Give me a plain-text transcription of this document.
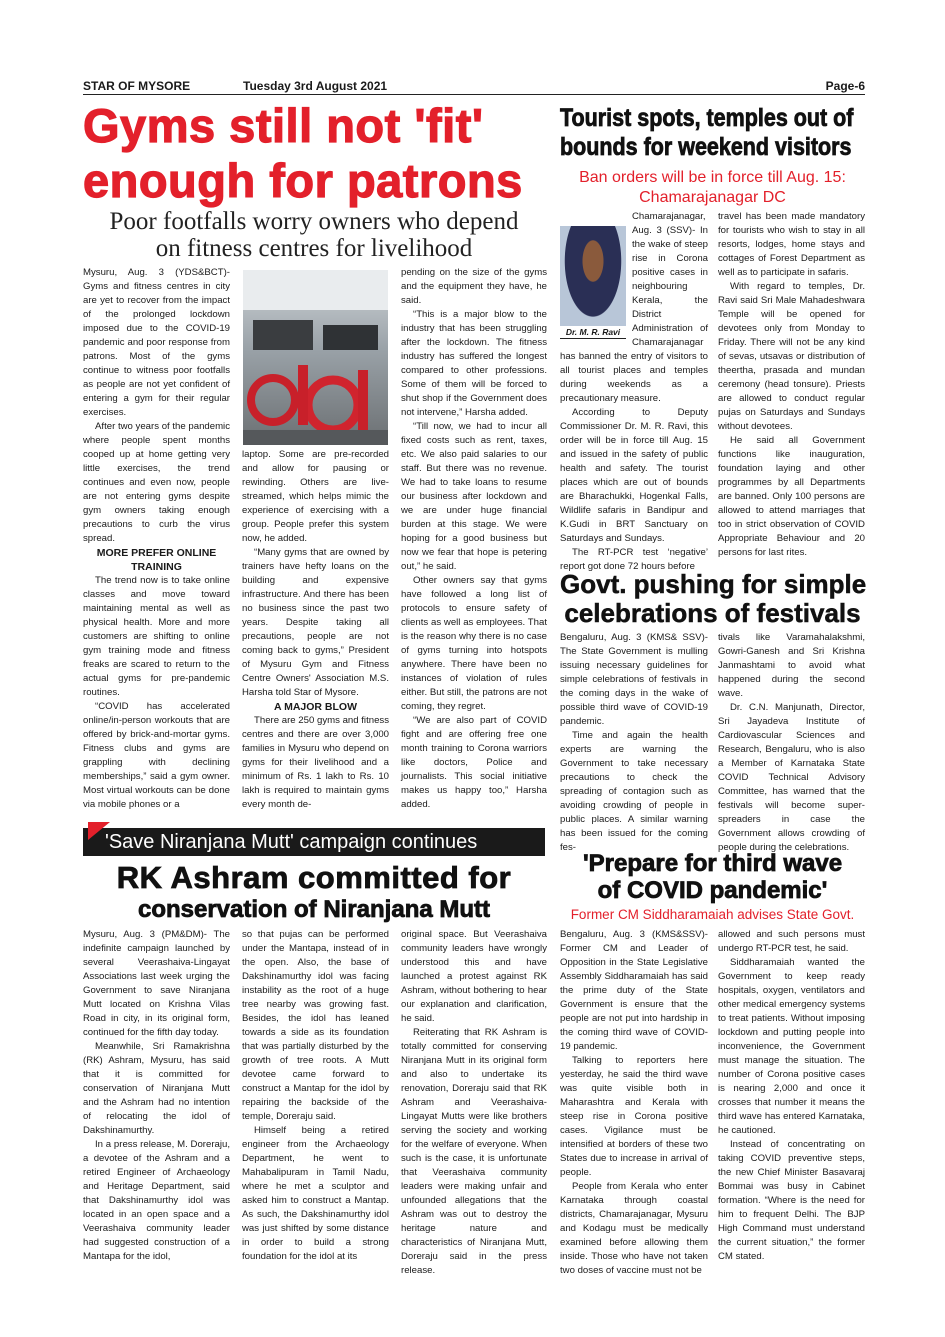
STAR OF MYSORE	Tuesday 3rd August 2021	Page-6
Gyms still not 'fit'
enough for patrons
Poor footfalls worry owners who depend
on fitness centres for livelihood

Mysuru, Aug. 3 (YDS&BCT)- Gyms and fitness centres in city are yet to recover from the impact of the prolonged lockdown imposed due to the COVID-19 pandemic and poor response from patrons. Most of the gyms continue to witness poor footfalls as people are not yet confident of entering a gym for their regular exercises.

After two years of the pandemic where people spent months cooped up at home getting very little exercises, the trend continues and even now, people are not entering gyms despite gym owners taking enough precautions to curb the virus spread.

MORE PREFER ONLINE TRAINING

The trend now is to take online classes and move toward maintaining mental as well as physical health. More and more customers are shifting to online gym training mode and fitness freaks are scared to return to the actual gyms for pre-pandemic routines.

“COVID has accelerated online/in-person workouts that are offered by brick-and-mortar gyms. Fitness clubs and gyms are grappling with declining memberships,” said a gym owner. Most virtual workouts can be done via mobile phones or a

laptop. Some are pre-recorded and allow for pausing or rewinding. Others are live-streamed, which helps mimic the experience of exercising with a group. People prefer this system now, he added.

“Many gyms that are owned by trainers have hefty loans on the building and expensive infrastructure. And there has been no business since the past two years. Despite taking all precautions, people are not coming back to gyms,” President of Mysuru Gym and Fitness Centre Owners' Association M.S. Harsha told Star of Mysore.

A MAJOR BLOW

There are 250 gyms and fitness centres and there are over 3,000 families in Mysuru who depend on gyms for their livelihood and a minimum of Rs. 1 lakh to Rs. 10 lakh is required to maintain gyms every month de-

pending on the size of the gyms and the equipment they have, he said.

“This is a major blow to the industry that has been struggling after the lockdown. The fitness industry has suffered the longest compared to other professions. Some of them will be forced to shut shop if the Government does not intervene,” Harsha added.

“Till now, we had to incur all fixed costs such as rent, taxes, etc. We also paid salaries to our staff. But there was no revenue. We had to take loans to resume our business after lockdown and we are under huge financial burden at this stage. We were hoping for a good business but now we fear that hope is petering out,” he said.

Other owners say that gyms have followed a long list of protocols to ensure safety of clients as well as employees. That is the reason why there is no case of gyms turning into hotspots anywhere. There have been no instances of violation of rules either. But still, the patrons are not coming, they regret.

“We are also part of COVID fight and are offering free one month training to Corona warriors like doctors, Police and journalists. This social initiative makes us happy too,” Harsha added.

Tourist spots, temples out of
bounds for weekend visitors
Ban orders will be in force till Aug. 15:
Chamarajanagar DC
Dr. M. R. Ravi

Chamarajanagar, Aug. 3 (SSV)- In the wake of steep rise in Corona positive cases in neighbouring Kerala, the District Administration of Chamarajanagar has banned the entry of visitors to all tourist places and temples during weekends as a precautionary measure.

According to Deputy Commissioner Dr. M. R. Ravi, this order will be in force till Aug. 15 and issued in the safety of public health and safety. The tourist places which are out of bounds are Bharachukki, Hogenkal Falls, Wildlife safaris in Bandipur and K.Gudi in BRT Sanctuary on Saturdays and Sundays.

The RT-PCR test ‘negative’ report got done 72 hours before

travel has been made mandatory for tourists who wish to stay in all resorts, lodges, home stays and cottages of Forest Department as well as to participate in safaris.

With regard to temples, Dr. Ravi said Sri Male Mahadeshwara Temple will be opened for devotees only from Monday to Friday. There will not be any kind of sevas, utsavas or distribution of theertha, prasada and mundan ceremony (head tonsure). Priests are allowed to conduct regular pujas on Saturdays and Sundays without devotees.

He said all Government functions like inauguration, foundation laying and other programmes by all Departments are banned. Only 100 persons are allowed to attend marriages that too in strict observation of COVID Appropriate Behaviour and 20 persons for last rites.

Govt. pushing for simple
celebrations of festivals

Bengaluru, Aug. 3 (KMS& SSV)- The State Government is mulling issuing necessary guidelines for simple celebrations of festivals in the coming days in the wake of possible third wave of COVID-19 pandemic.

Time and again the health experts are warning the Government to take necessary precautions to check the spreading of contagion such as avoiding crowding of people in public places. A similar warning has been issued for the coming fes-

tivals like Varamahalakshmi, Gowri-Ganesh and Sri Krishna Janmashtami to avoid what happened during the second wave.

Dr. C.N. Manjunath, Director, Sri Jayadeva Institute of Cardiovascular Sciences and Research, Bengaluru, who is also a Member of Karnataka State COVID Technical Advisory Committee, has warned that the festivals will become super-spreaders in case the Government allows crowding of people during the celebrations.

'Save Niranjana Mutt' campaign continues
RK Ashram committed for
conservation of Niranjana Mutt

Mysuru, Aug. 3 (PM&DM)- The indefinite campaign launched by several Veerashaiva-Lingayat Associations last week urging the Government to save Niranjana Mutt located on Krishna Vilas Road in city, in its original form, continued for the fifth day today.

Meanwhile, Sri Ramakrishna (RK) Ashram, Mysuru, has said that it is committed for conservation of Niranjana Mutt and the Ashram had no intention of relocating the idol of Dakshinamurthy.

In a press release, M. Doreraju, a devotee of the Ashram and a retired Engineer of Archaeology and Heritage Department, said that Dakshinamurthy idol was located in an open space and a Veerashaiva community leader had suggested construction of a Mantapa for the idol,

so that pujas can be performed under the Mantapa, instead of in the open. Also, the base of Dakshinamurthy idol was facing instability as the root of a huge tree nearby was growing fast. Besides, the idol has leaned towards a side as its foundation that was partially disturbed by the growth of tree roots. A Mutt devotee came forward to construct a Mantap for the idol by repairing the backside of the temple, Doreraju said.

Himself being a retired engineer from the Archaeology Department, he went to Mahabalipuram in Tamil Nadu, where he met a sculptor and asked him to construct a Mantap. As such, the Dakshinamurthy idol was just shifted by some distance in order to build a strong foundation for the idol at its

original space. But Veerashaiva community leaders have wrongly understood this and have launched a protest against RK Ashram, without bothering to hear our explanation and clarification, he said.

Reiterating that RK Ashram is totally committed for conserving Niranjana Mutt in its original form and also to undertake its renovation, Doreraju said that RK Ashram and Veerashaiva-Lingayat Mutts were like brothers serving the society and working for the welfare of everyone. When such is the case, it is unfortunate that Veerashaiva community leaders were making unfair and unfounded allegations that the Ashram was out to destroy the heritage nature and characteristics of Niranjana Mutt, Doreraju said in the press release.

'Prepare for third wave
of COVID pandemic'
Former CM Siddharamaiah advises State Govt.

Bengaluru, Aug. 3 (KMS&SSV)- Former CM and Leader of Opposition in the State Legislative Assembly Siddharamaiah has said the prime duty of the State Government is ensure that the people are not put into hardship in the coming third wave of COVID-19 pandemic.

Talking to reporters here yesterday, he said the third wave was quite visible both in Maharashtra and Kerala with steep rise in Corona positive cases. Vigilance must be intensified at borders of these two States due to increase in arrival of people.

People from Kerala who enter Karnataka through coastal districts, Chamarajanagar, Mysuru and Kodagu must be medically examined before allowing them inside. Those who have not taken two doses of vaccine must not be

allowed and such persons must undergo RT-PCR test, he said.

Siddharamaiah wanted the Government to keep ready hospitals, oxygen, ventilators and other medical emergency systems to treat patients. Without imposing lockdown and putting people into inconvenience, the Government must manage the situation. The number of Corona positive cases is nearing 2,000 and once it crosses that number it means the third wave has entered Karnataka, he cautioned.

Instead of concentrating on taking COVID preventive steps, the new Chief Minister Basavaraj Bommai was busy in Cabinet formation. “Where is the need for him to frequent Delhi. The BJP High Command must understand the current situation,” the former CM stated.
